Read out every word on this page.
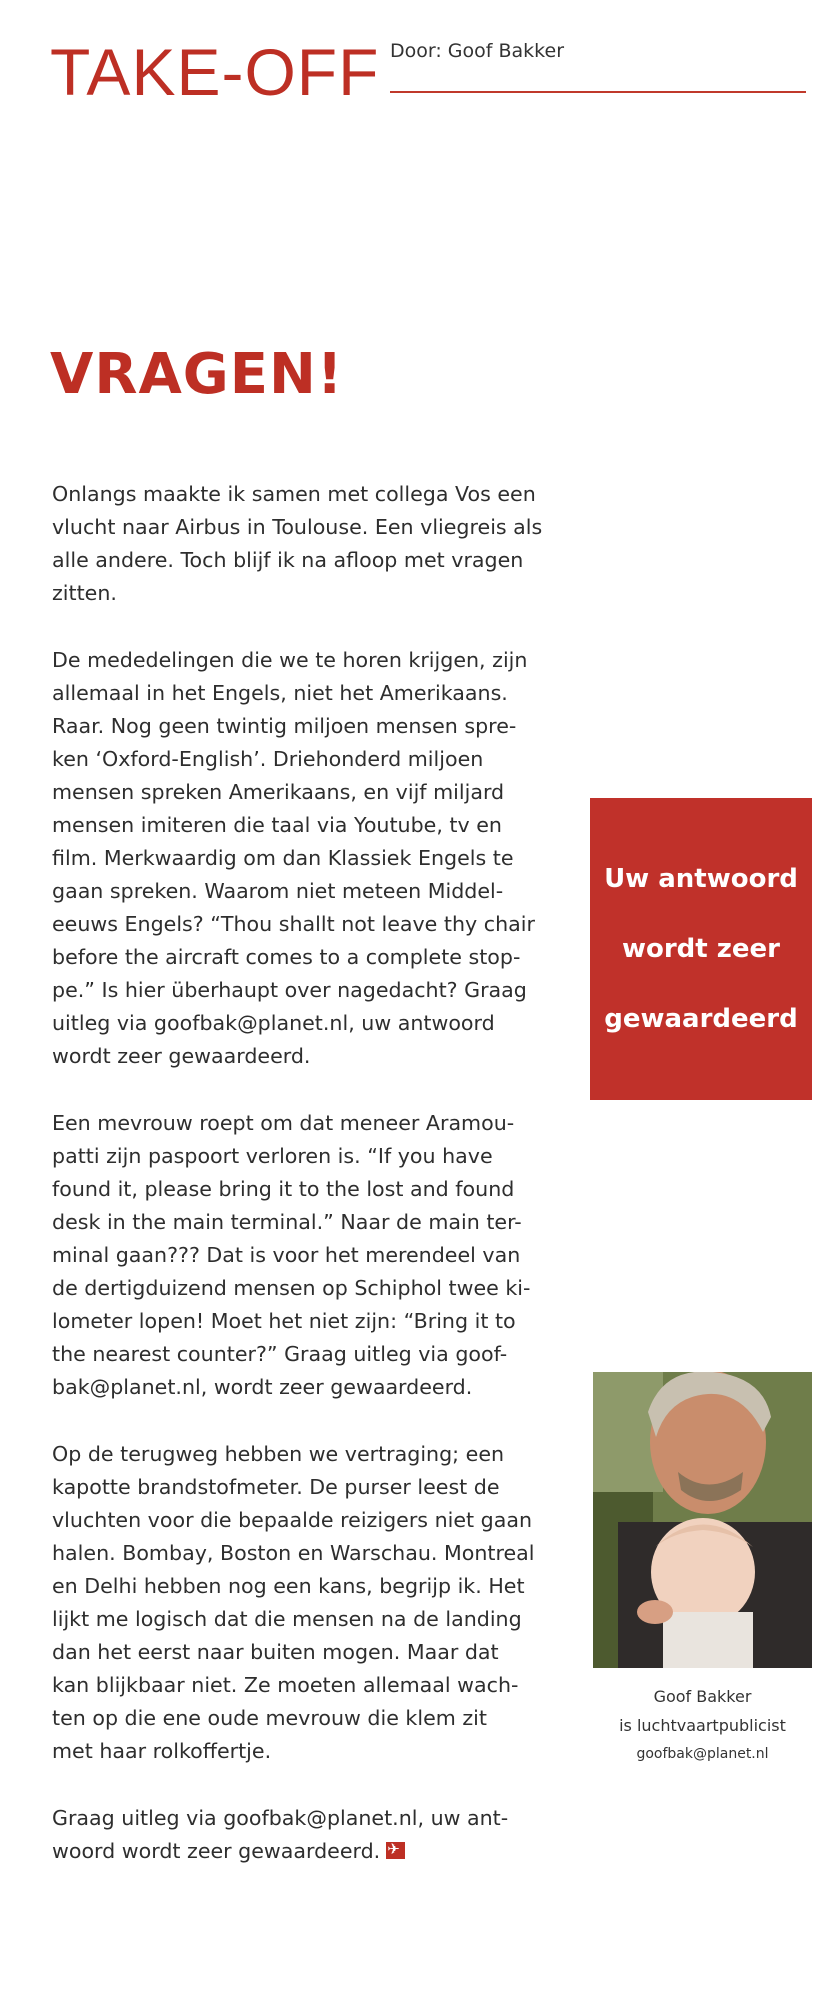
TAKE-OFF Door: Goof Bakker
VRAGEN!

Onlangs maakte ik samen met collega Vos een
vlucht naar Airbus in Toulouse. Een vliegreis als
alle andere. Toch blijf ik na afloop met vragen
zitten.

De mededelingen die we te horen krijgen, zijn
allemaal in het Engels, niet het Amerikaans.
Raar. Nog geen twintig miljoen mensen spre-
ken ‘Oxford-English’. Driehonderd miljoen
mensen spreken Amerikaans, en vijf miljard
mensen imiteren die taal via Youtube, tv en
film. Merkwaardig om dan Klassiek Engels te
gaan spreken. Waarom niet meteen Middel-
eeuws Engels? “Thou shallt not leave thy chair
before the aircraft comes to a complete stop-
pe.” Is hier überhaupt over nagedacht? Graag
uitleg via goofbak@planet.nl, uw antwoord
wordt zeer gewaardeerd.

Een mevrouw roept om dat meneer Aramou-
patti zijn paspoort verloren is. “If you have
found it, please bring it to the lost and found
desk in the main terminal.” Naar de main ter-
minal gaan??? Dat is voor het merendeel van
de dertigduizend mensen op Schiphol twee ki-
lometer lopen! Moet het niet zijn: “Bring it to
the nearest counter?” Graag uitleg via goof-
bak@planet.nl, wordt zeer gewaardeerd.

Op de terugweg hebben we vertraging; een
kapotte brandstofmeter. De purser leest de
vluchten voor die bepaalde reizigers niet gaan
halen. Bombay, Boston en Warschau. Montreal
en Delhi hebben nog een kans, begrijp ik. Het
lijkt me logisch dat die mensen na de landing
dan het eerst naar buiten mogen. Maar dat
kan blijkbaar niet. Ze moeten allemaal wach-
ten op die ene oude mevrouw die klem zit
met haar rolkoffertje.

Graag uitleg via goofbak@planet.nl, uw ant-
woord wordt zeer gewaardeerd.✈

Uw antwoord
wordt zeer
gewaardeerd
Goof Bakker
is luchtvaartpublicist
goofbak@planet.nl
